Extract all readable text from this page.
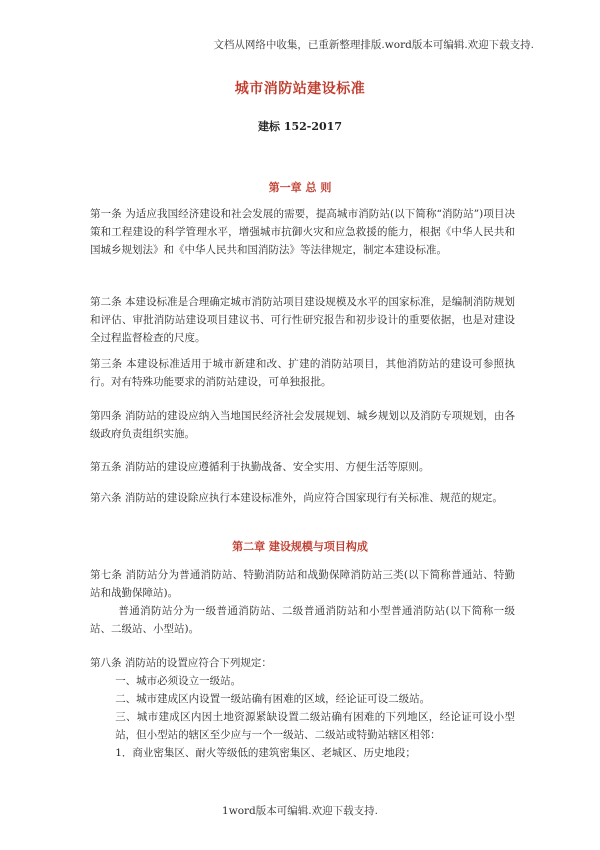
文档从网络中收集，已重新整理排版.word版本可编辑.欢迎下载支持.
城市消防站建设标准
建标 152-2017
第一章 总 则

第一条 为适应我国经济建设和社会发展的需要，提高城市消防站(以下简称“消防站”)项目决策和工程建设的科学管理水平，增强城市抗御火灾和应急救援的能力，根据《中华人民共和国城乡规划法》和《中华人民共和国消防法》等法律规定，制定本建设标准。

第二条 本建设标准是合理确定城市消防站项目建设规模及水平的国家标准，是编制消防规划和评估、审批消防站建设项目建议书、可行性研究报告和初步设计的重要依据，也是对建设全过程监督检查的尺度。

第三条 本建设标准适用于城市新建和改、扩建的消防站项目，其他消防站的建设可参照执行。对有特殊功能要求的消防站建设，可单独报批。

第四条 消防站的建设应纳入当地国民经济社会发展规划、城乡规划以及消防专项规划，由各级政府负责组织实施。

第五条 消防站的建设应遵循利于执勤战备、安全实用、方便生活等原则。

第六条 消防站的建设除应执行本建设标准外，尚应符合国家现行有关标准、规范的规定。

第二章 建设规模与项目构成

第七条 消防站分为普通消防站、特勤消防站和战勤保障消防站三类(以下简称普通站、特勤站和战勤保障站)。

普通消防站分为一级普通消防站、二级普通消防站和小型普通消防站(以下简称一级站、二级站、小型站)。

第八条 消防站的设置应符合下列规定：

一、城市必须设立一级站。

二、城市建成区内设置一级站确有困难的区域，经论证可设二级站。

三、城市建成区内因土地资源紧缺设置二级站确有困难的下列地区，经论证可设小型站，但小型站的辖区至少应与一个一级站、二级站或特勤站辖区相邻：

1．商业密集区、耐火等级低的建筑密集区、老城区、历史地段；

1word版本可编辑.欢迎下载支持.
